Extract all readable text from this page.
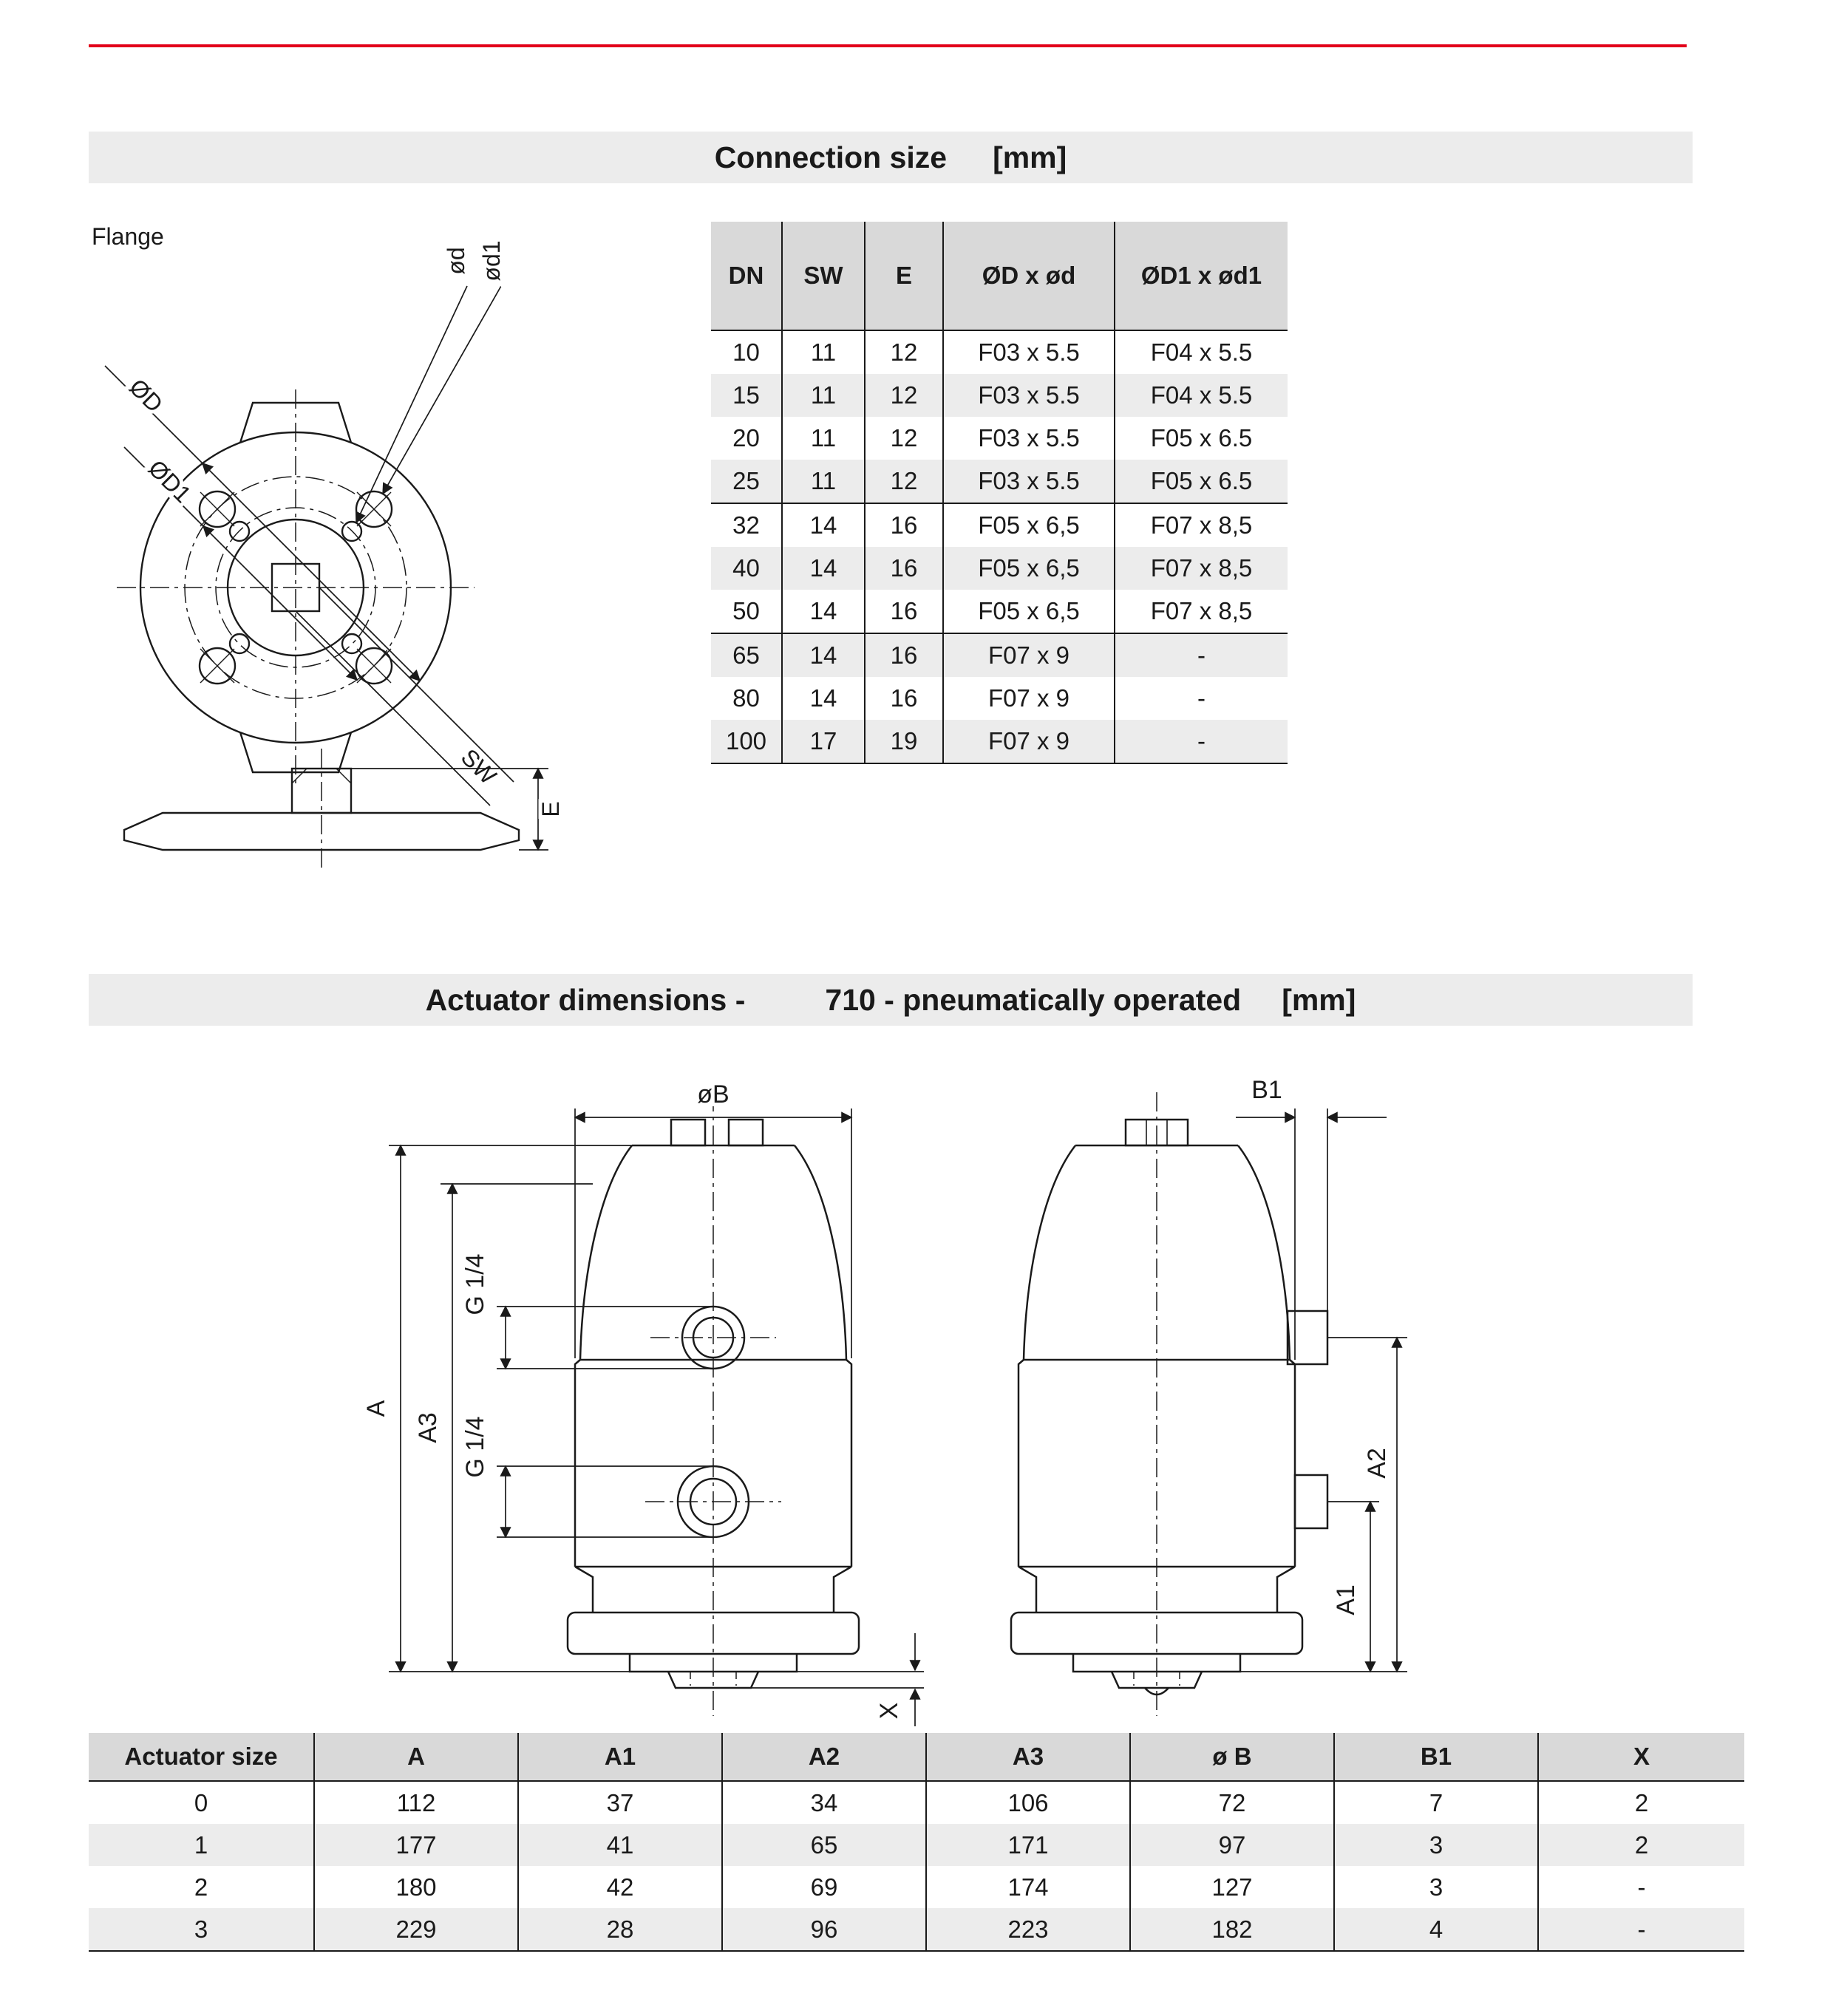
Connection size [mm]
Flange
ØD
ØD1
ød ød1
SW
E
DN	SW	E	ØD x ød	ØD1 x ød1
10	11	12	F03 x 5.5	F04 x 5.5
15	11	12	F03 x 5.5	F04 x 5.5
20	11	12	F03 x 5.5	F05 x 6.5
25	11	12	F03 x 5.5	F05 x 6.5
32	14	16	F05 x 6,5	F07 x 8,5
40	14	16	F05 x 6,5	F07 x 8,5
50	14	16	F05 x 6,5	F07 x 8,5
65	14	16	F07 x 9	-
80	14	16	F07 x 9	-
100	17	19	F07 x 9	-
Actuator dimensions -	710 - pneumatically operated [mm]
øB
A
A3
G 1/4
G 1/4
X
B1
A2
A1
Actuator size	A	A1	A2	A3	ø B	B1	X
0	112	37	34	106	72	7	2
1	177	41	65	171	97	3	2
2	180	42	69	174	127	3	-
3	229	28	96	223	182	4	-
